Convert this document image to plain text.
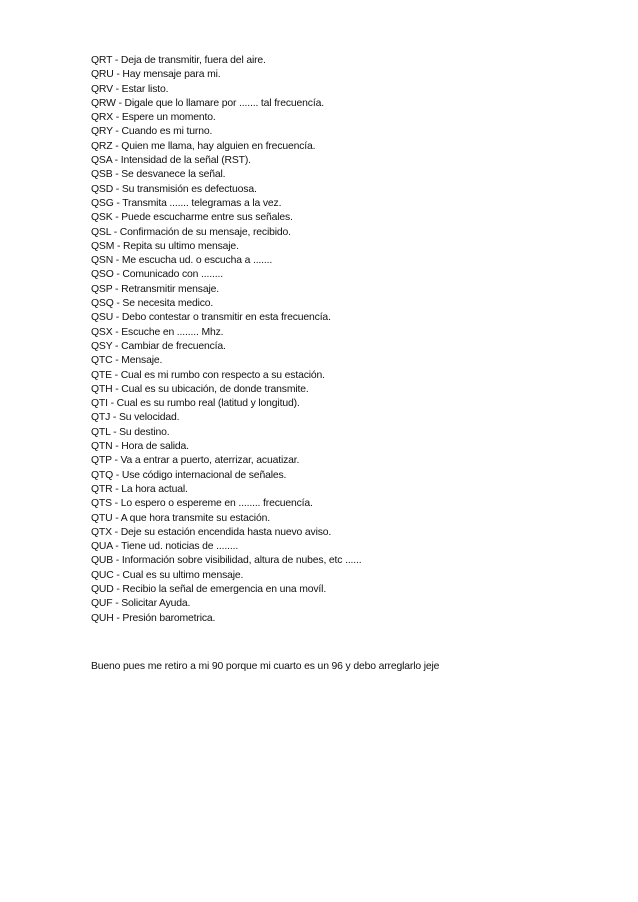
QRT - Deja de transmitir, fuera del aire.
QRU - Hay mensaje para mi.
QRV - Estar listo.
QRW - Digale que lo llamare por ....... tal frecuencía.
QRX - Espere un momento.
QRY - Cuando es mi turno.
QRZ - Quien me llama, hay alguien en frecuencía.
QSA - Intensidad de la señal (RST).
QSB - Se desvanece la señal.
QSD - Su transmisión es defectuosa.
QSG - Transmita ....... telegramas a la vez.
QSK - Puede escucharme entre sus señales.
QSL - Confirmación de su mensaje, recibido.
QSM - Repita su ultimo mensaje.
QSN - Me escucha ud. o escucha a .......
QSO - Comunicado con ........
QSP - Retransmitir mensaje.
QSQ - Se necesita medico.
QSU - Debo contestar o transmitir en esta frecuencía.
QSX - Escuche en ........ Mhz.
QSY - Cambiar de frecuencía.
QTC - Mensaje.
QTE - Cual es mi rumbo con respecto a su estación.
QTH - Cual es su ubicación, de donde transmite.
QTI - Cual es su rumbo real (latitud y longitud).
QTJ - Su velocidad.
QTL - Su destino.
QTN - Hora de salida.
QTP - Va a entrar a puerto, aterrizar, acuatizar.
QTQ - Use código internacional de señales.
QTR - La hora actual.
QTS - Lo espero o espereme en ........ frecuencía.
QTU - A que hora transmite su estación.
QTX - Deje su estación encendida hasta nuevo aviso.
QUA - Tiene ud. noticias de ........
QUB - Información sobre visibilidad, altura de nubes, etc ......
QUC - Cual es su ultimo mensaje.
QUD - Recibio la señal de emergencia en una movíl.
QUF - Solicitar Ayuda.
QUH - Presión barometrica.

Bueno pues me retiro a mi 90 porque mi cuarto es un 96 y debo arreglarlo jeje
